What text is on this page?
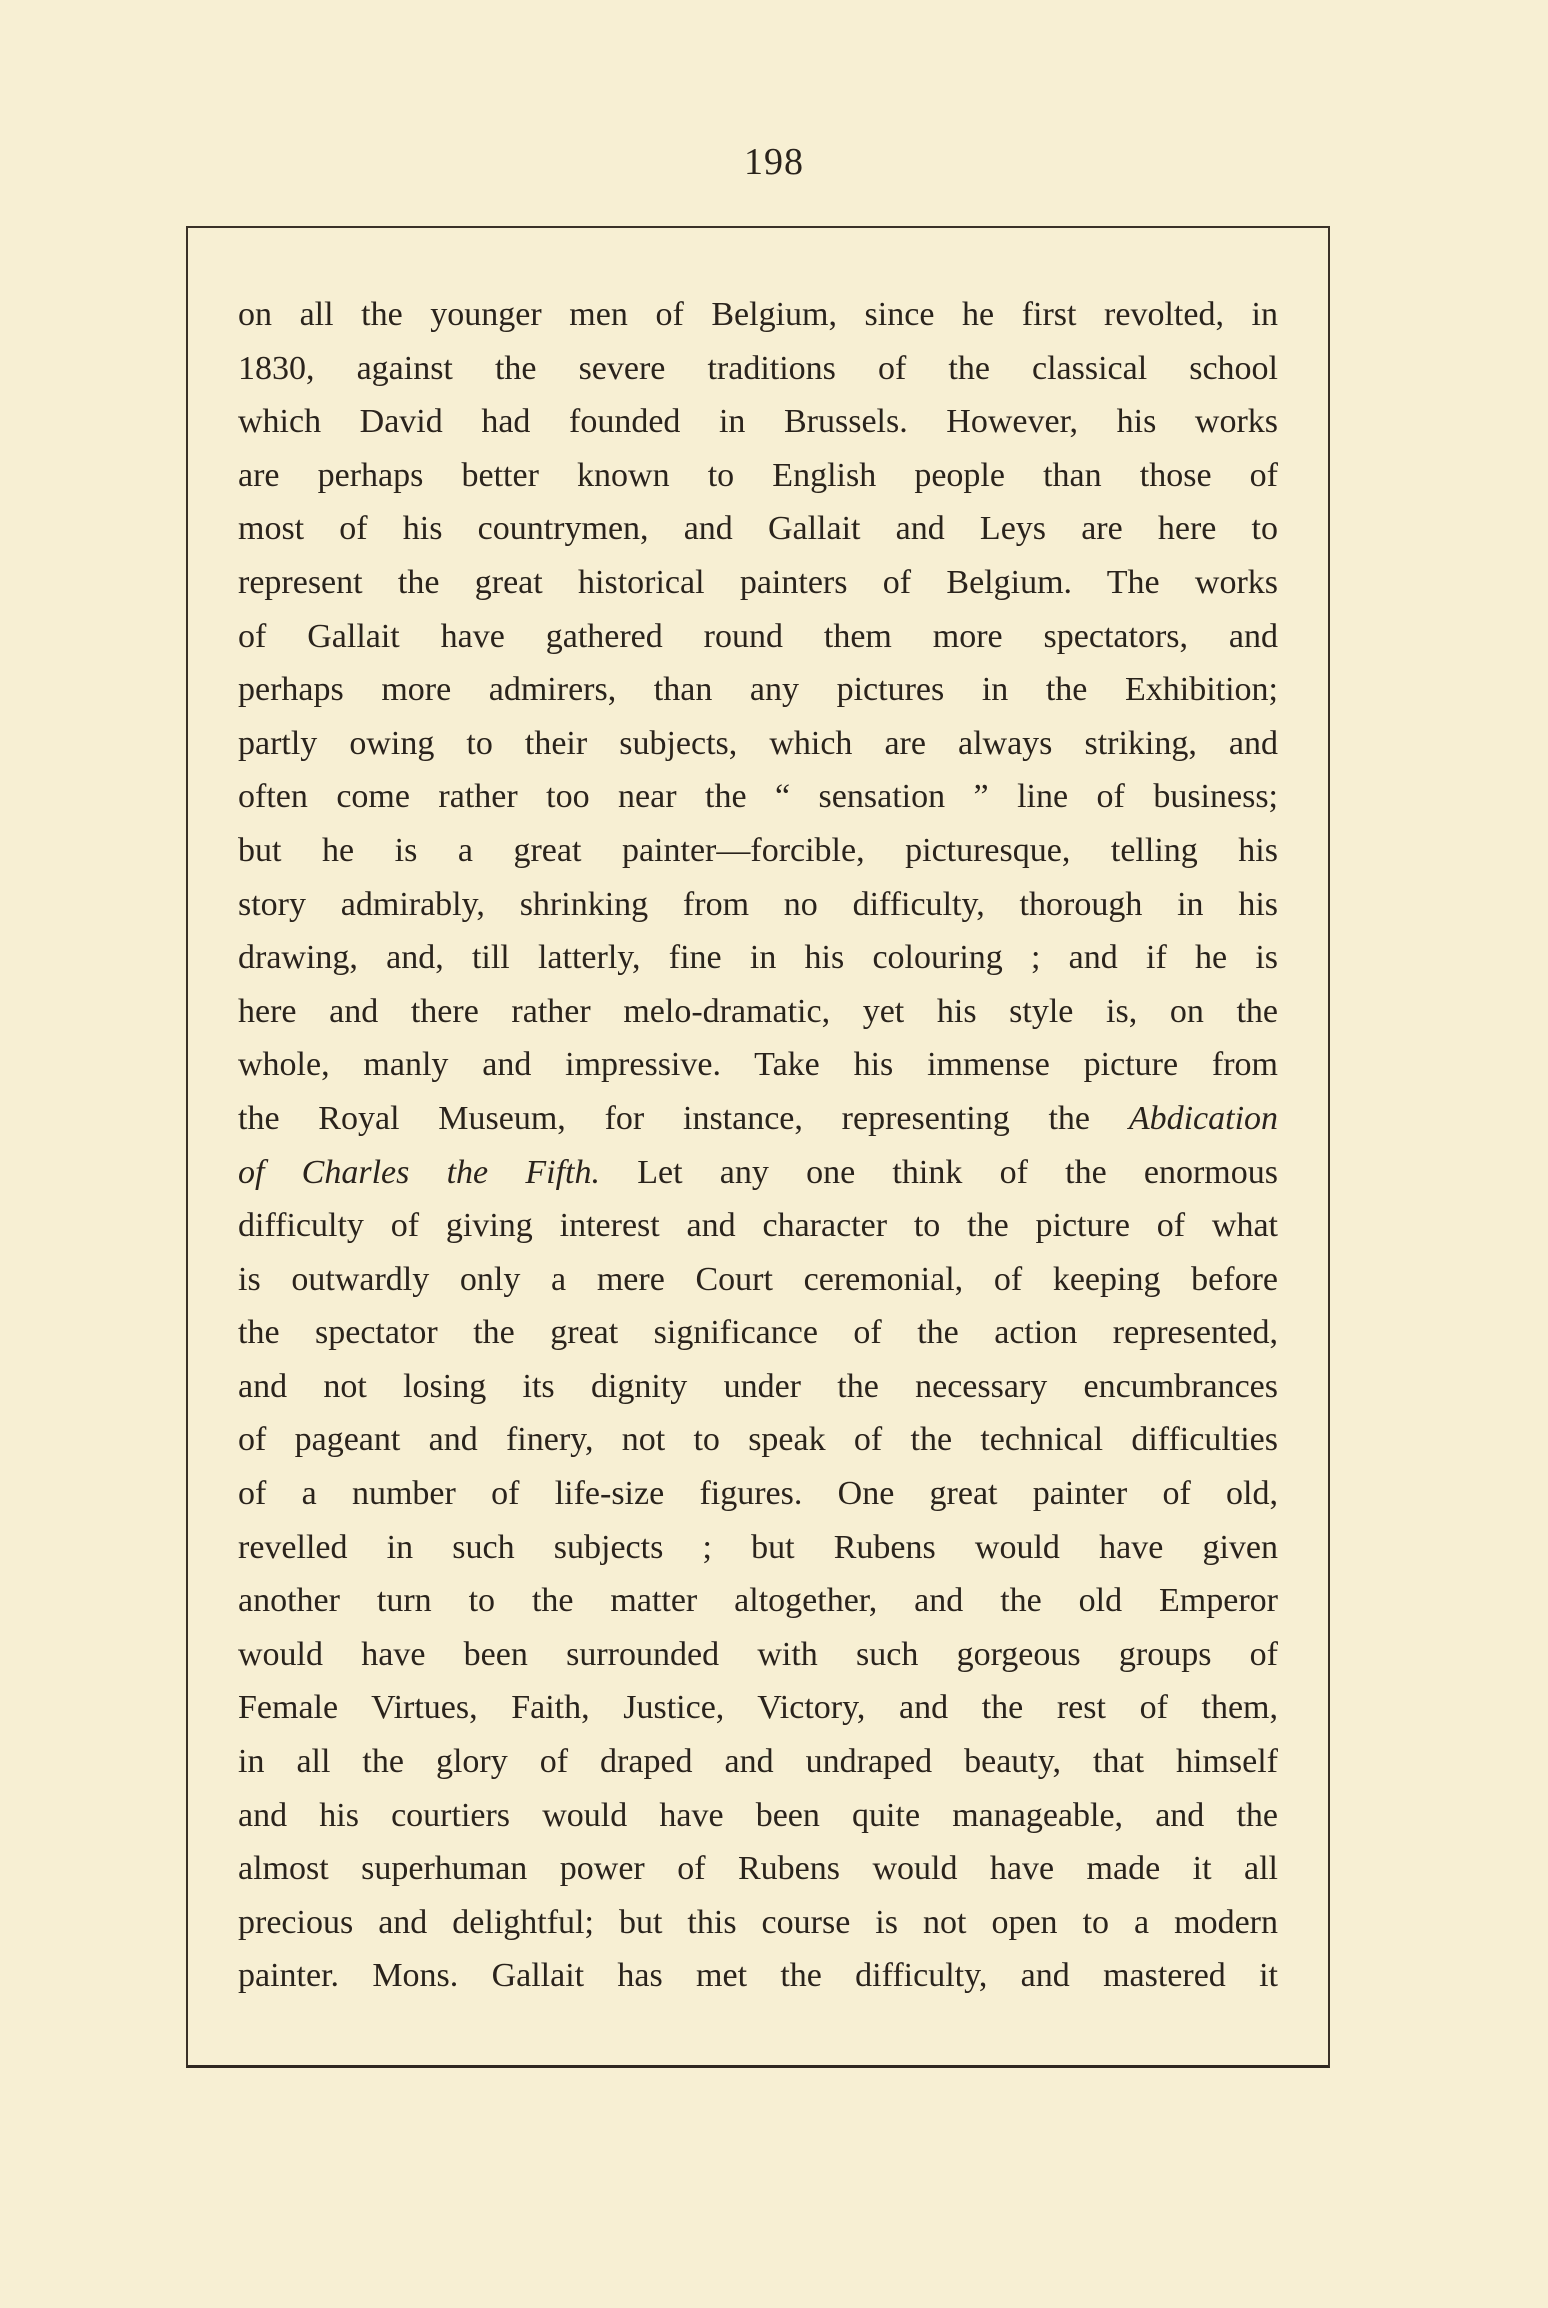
198
on all the younger men of Belgium, since he first revolted, in
1830, against the severe traditions of the classical school
which David had founded in Brussels. However, his works
are perhaps better known to English people than those of
most of his countrymen, and Gallait and Leys are here to
represent the great historical painters of Belgium. The works
of Gallait have gathered round them more spectators, and
perhaps more admirers, than any pictures in the Exhibition;
partly owing to their subjects, which are always striking, and
often come rather too near the “ sensation ” line of business;
but he is a great painter—forcible, picturesque, telling his
story admirably, shrinking from no difficulty, thorough in his
drawing, and, till latterly, fine in his colouring ; and if he is
here and there rather melo-dramatic, yet his style is, on the
whole, manly and impressive. Take his immense picture from
the Royal Museum, for instance, representing the Abdication
of Charles the Fifth. Let any one think of the enormous
difficulty of giving interest and character to the picture of what
is outwardly only a mere Court ceremonial, of keeping before
the spectator the great significance of the action represented,
and not losing its dignity under the necessary encumbrances
of pageant and finery, not to speak of the technical difficulties
of a number of life-size figures. One great painter of old,
revelled in such subjects ; but Rubens would have given
another turn to the matter altogether, and the old Emperor
would have been surrounded with such gorgeous groups of
Female Virtues, Faith, Justice, Victory, and the rest of them,
in all the glory of draped and undraped beauty, that himself
and his courtiers would have been quite manageable, and the
almost superhuman power of Rubens would have made it all
precious and delightful; but this course is not open to a modern
painter. Mons. Gallait has met the difficulty, and mastered it
